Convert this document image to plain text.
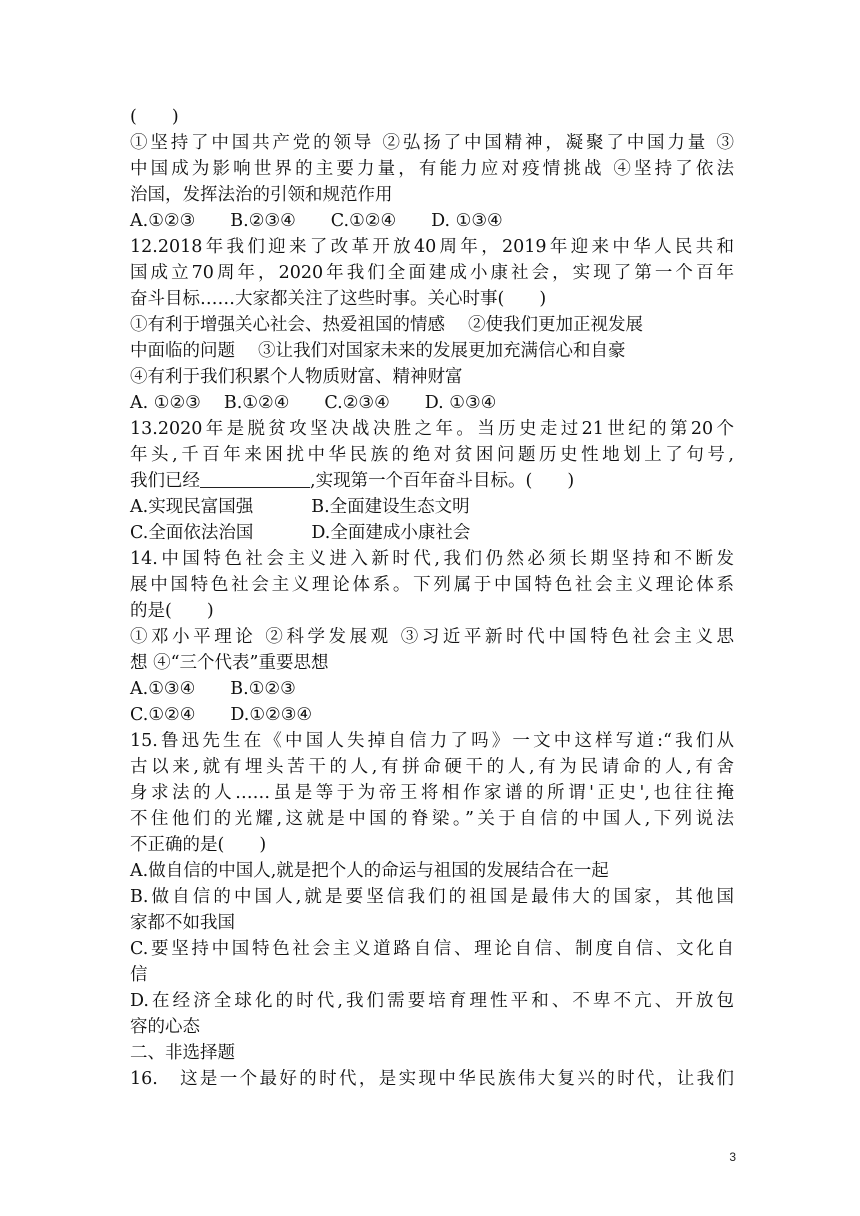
(　　)
①坚持了中国共产党的领导 ②弘扬了中国精神，凝聚了中国力量 ③
中国成为影响世界的主要力量，有能力应对疫情挑战 ④坚持了依法
治国，发挥法治的引领和规范作用
A.①②③　　B.②③④　　C.①②④　　D. ①③④
12.2018年我们迎来了改革开放40周年，2019年迎来中华人民共和
国成立70周年，2020年我们全面建成小康社会，实现了第一个百年
奋斗目标……大家都关注了这些时事。关心时事(　　)
①有利于增强关心社会、热爱祖国的情感　 ②使我们更加正视发展
中面临的问题　 ③让我们对国家未来的发展更加充满信心和自豪
④有利于我们积累个人物质财富、精神财富
A. ①②③　 B.①②④　　C.②③④　　D. ①③④
13.2020年是脱贫攻坚决战决胜之年。当历史走过21世纪的第20个
年头,千百年来困扰中华民族的绝对贫困问题历史性地划上了句号,
我们已经	,实现第一个百年奋斗目标。(　　)
A.实现民富国强　　　 B.全面建设生态文明
C.全面依法治国　　　 D.全面建成小康社会
14.中国特色社会主义进入新时代,我们仍然必须长期坚持和不断发
展中国特色社会主义理论体系。下列属于中国特色社会主义理论体系
的是(　　)
①邓小平理论 ②科学发展观 ③习近平新时代中国特色社会主义思
想 ④“三个代表”重要思想
A.①③④　　B.①②③
C.①②④　　D.①②③④
15.鲁迅先生在《中国人失掉自信力了吗》一文中这样写道:“我们从
古以来,就有埋头苦干的人,有拼命硬干的人,有为民请命的人,有舍
身求法的人……虽是等于为帝王将相作家谱的所谓'正史',也往往掩
不住他们的光耀,这就是中国的脊梁。”关于自信的中国人,下列说法
不正确的是(　　)
A.做自信的中国人,就是把个人的命运与祖国的发展结合在一起
B.做自信的中国人,就是要坚信我们的祖国是最伟大的国家，其他国
家都不如我国
C.要坚持中国特色社会主义道路自信、理论自信、制度自信、文化自
信
D.在经济全球化的时代,我们需要培育理性平和、不卑不亢、开放包
容的心态
二、非选择题
16.　这是一个最好的时代，是实现中华民族伟大复兴的时代，让我们
3
